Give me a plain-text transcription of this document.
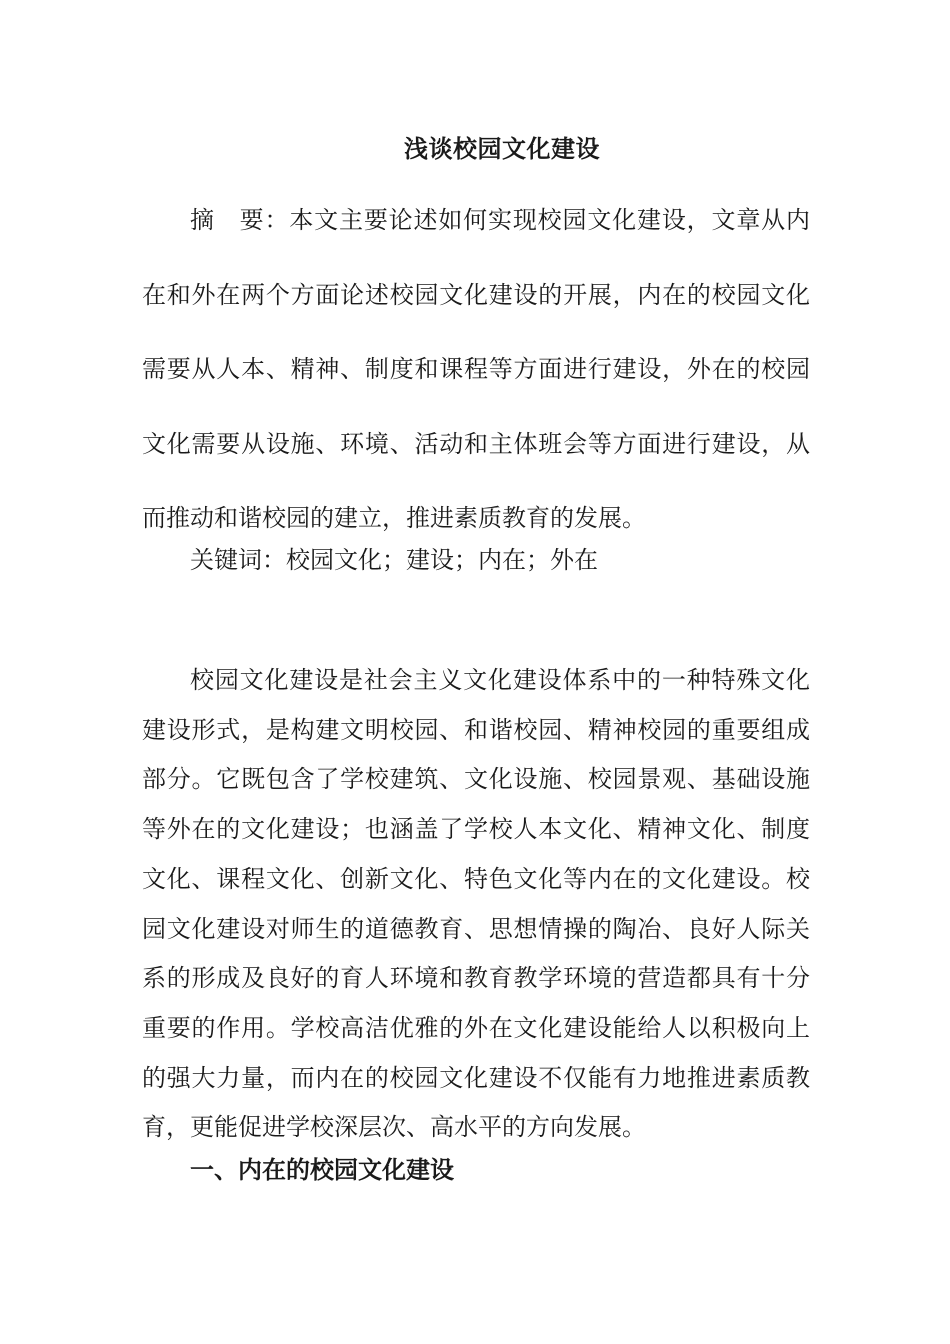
浅谈校园文化建设

摘　要：本文主要论述如何实现校园文化建设，文章从内在和外在两个方面论述校园文化建设的开展，内在的校园文化需要从人本、精神、制度和课程等方面进行建设，外在的校园文化需要从设施、环境、活动和主体班会等方面进行建设，从而推动和谐校园的建立，推进素质教育的发展。

关键词：校园文化；建设；内在；外在

校园文化建设是社会主义文化建设体系中的一种特殊文化建设形式，是构建文明校园、和谐校园、精神校园的重要组成部分。它既包含了学校建筑、文化设施、校园景观、基础设施等外在的文化建设；也涵盖了学校人本文化、精神文化、制度文化、课程文化、创新文化、特色文化等内在的文化建设。校园文化建设对师生的道德教育、思想情操的陶冶、良好人际关系的形成及良好的育人环境和教育教学环境的营造都具有十分重要的作用。学校高洁优雅的外在文化建设能给人以积极向上的强大力量，而内在的校园文化建设不仅能有力地推进素质教育，更能促进学校深层次、高水平的方向发展。

一、内在的校园文化建设
